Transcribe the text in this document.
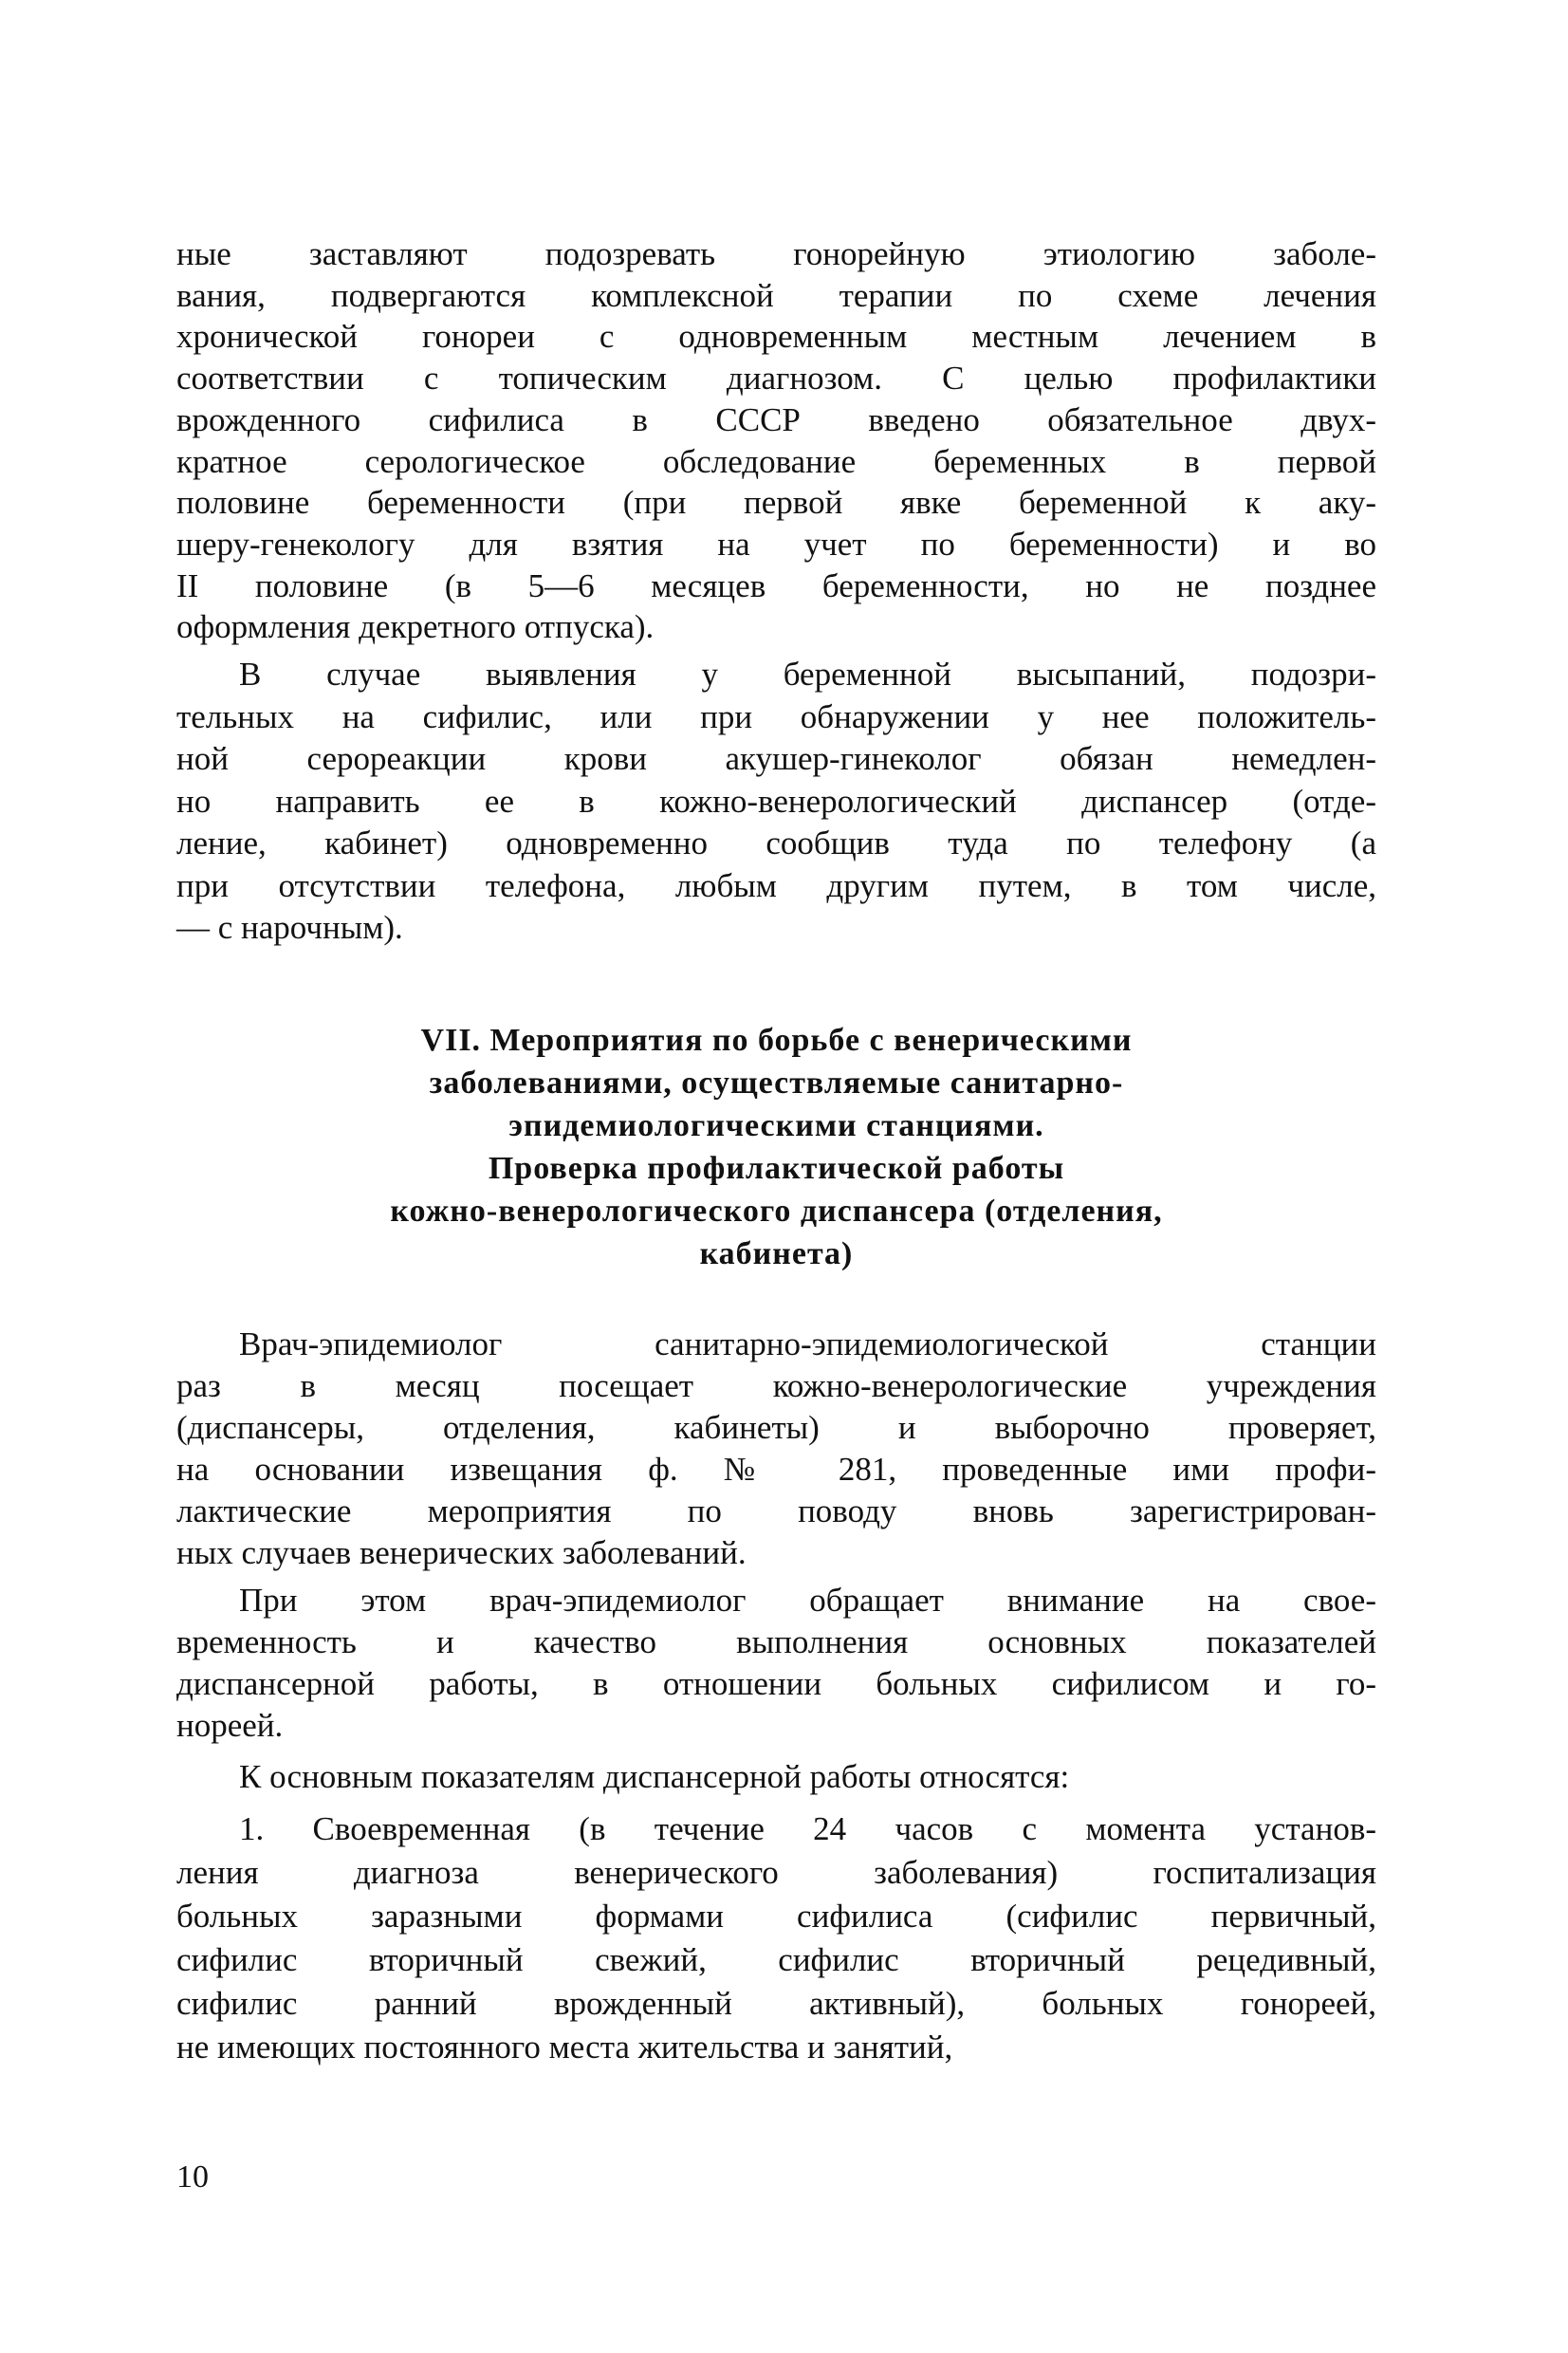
ные заставляют подозревать гонорейную этиологию заболе-
вания, подвергаются комплексной терапии по схеме лечения
хронической гонореи с одновременным местным лечением в
соответствии с топическим диагнозом. С целью профилактики
врожденного сифилиса в СССР введено обязательное двух-
кратное серологическое обследование беременных в первой
половине беременности (при первой явке беременной к аку-
шеру-генекологу для взятия на учет по беременности) и во
II половине (в 5—6 месяцев беременности, но не позднее
оформления декретного отпуска).
В случае выявления у беременной высыпаний, подозри-
тельных на сифилис, или при обнаружении у нее положитель-
ной серореакции крови акушер-гинеколог обязан немедлен-
но направить ее в кожно-венерологический диспансер (отде-
ление, кабинет) одновременно сообщив туда по телефону (а
при отсутствии телефона, любым другим путем, в том числе,
— с нарочным).
VII. Мероприятия по борьбе с венерическими
заболеваниями, осуществляемые санитарно-
эпидемиологическими станциями.
Проверка профилактической работы
кожно-венерологического диспансера (отделения,
кабинета)
Врач-эпидемиолог санитарно-эпидемиологической станции
раз в месяц посещает кожно-венерологические учреждения
(диспансеры, отделения, кабинеты) и выборочно проверяет,
на основании извещания ф. № 281, проведенные ими профи-
лактические мероприятия по поводу вновь зарегистрирован-
ных случаев венерических заболеваний.
При этом врач-эпидемиолог обращает внимание на свое-
временность и качество выполнения основных показателей
диспансерной работы, в отношении больных сифилисом и го-
нореей.
К основным показателям диспансерной работы относятся:
1. Своевременная (в течение 24 часов с момента установ-
ления диагноза венерического заболевания) госпитализация
больных заразными формами сифилиса (сифилис первичный,
сифилис вторичный свежий, сифилис вторичный рецедивный,
сифилис ранний врожденный активный), больных гонореей,
не имеющих постоянного места жительства и занятий,
10
